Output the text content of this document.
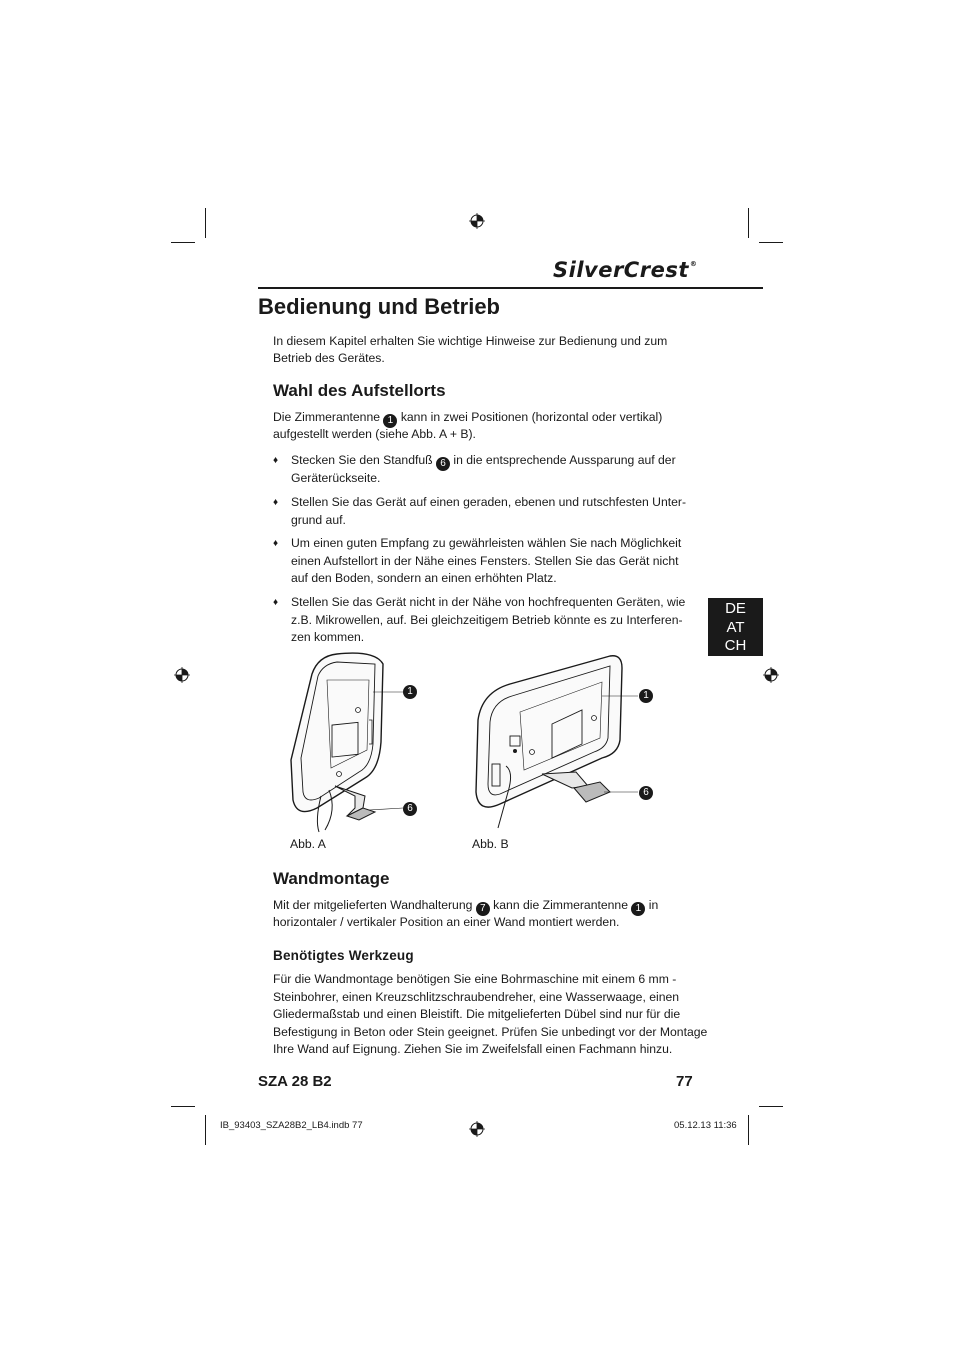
SilverCrest®
Bedienung und Betrieb
In diesem Kapitel erhalten Sie wichtige Hinweise zur Bedienung und zum
Betrieb des Gerätes.
Wahl des Aufstellorts
Die Zimmerantenne 1 kann in zwei Positionen (horizontal oder vertikal)
aufgestellt werden (siehe Abb. A + B).
♦ Stecken Sie den Standfuß 6 in die entsprechende Aussparung auf der
Geräterückseite.
♦ Stellen Sie das Gerät auf einen geraden, ebenen und rutschfesten Unter-
grund auf.
♦ Um einen guten Empfang zu gewährleisten wählen Sie nach Möglichkeit
einen Aufstellort in der Nähe eines Fensters. Stellen Sie das Gerät nicht
auf den Boden, sondern an einen erhöhten Platz.
♦ Stellen Sie das Gerät nicht in der Nähe von hochfrequenten Geräten, wie
z.B. Mikrowellen, auf. Bei gleichzeitigem Betrieb könnte es zu Interferen-
zen kommen.
DE
AT
CH
1
6
1
6
Abb. A	Abb. B
Wandmontage
Mit der mitgelieferten Wandhalterung 7 kann die Zimmerantenne 1 in
horizontaler / vertikaler Position an einer Wand montiert werden.
Benötigtes Werkzeug
Für die Wandmontage benötigen Sie eine Bohrmaschine mit einem 6 mm -
Steinbohrer, einen Kreuzschlitzschraubendreher, eine Wasserwaage, einen
Gliedermaßstab und einen Bleistift. Die mitgelieferten Dübel sind nur für die
Befestigung in Beton oder Stein geeignet. Prüfen Sie unbedingt vor der Montage
Ihre Wand auf Eignung. Ziehen Sie im Zweifelsfall einen Fachmann hinzu.
SZA 28 B2	77
IB_93403_SZA28B2_LB4.indb 77	05.12.13 11:36
